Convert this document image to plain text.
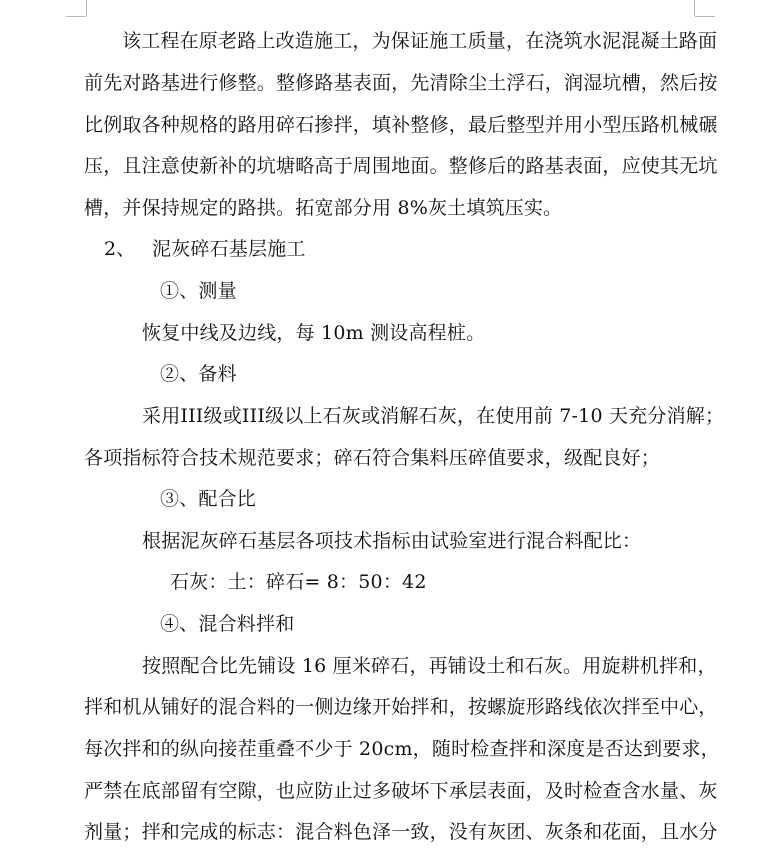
该工程在原老路上改造施工，为保证施工质量，在浇筑水泥混凝土路面
前先对路基进行修整。整修路基表面，先清除尘土浮石，润湿坑槽，然后按
比例取各种规格的路用碎石掺拌，填补整修，最后整型并用小型压路机械碾
压，且注意使新补的坑塘略高于周围地面。整修后的路基表面，应使其无坑
槽，并保持规定的路拱。拓宽部分用 8%灰土填筑压实。
2、 泥灰碎石基层施工
①、测量
恢复中线及边线，每 10m 测设高程桩。
②、备料
采用III级或III级以上石灰或消解石灰，在使用前 7-10 天充分消解；
各项指标符合技术规范要求；碎石符合集料压碎值要求，级配良好；
③、配合比
根据泥灰碎石基层各项技术指标由试验室进行混合料配比：
石灰：土：碎石= 8：50：42
④、混合料拌和
按照配合比先铺设 16 厘米碎石，再铺设土和石灰。用旋耕机拌和，
拌和机从铺好的混合料的一侧边缘开始拌和，按螺旋形路线依次拌至中心，
每次拌和的纵向接茬重叠不少于 20cm，随时检查拌和深度是否达到要求，
严禁在底部留有空隙，也应防止过多破坏下承层表面，及时检查含水量、灰
剂量；拌和完成的标志：混合料色泽一致，没有灰团、灰条和花面，且水分
